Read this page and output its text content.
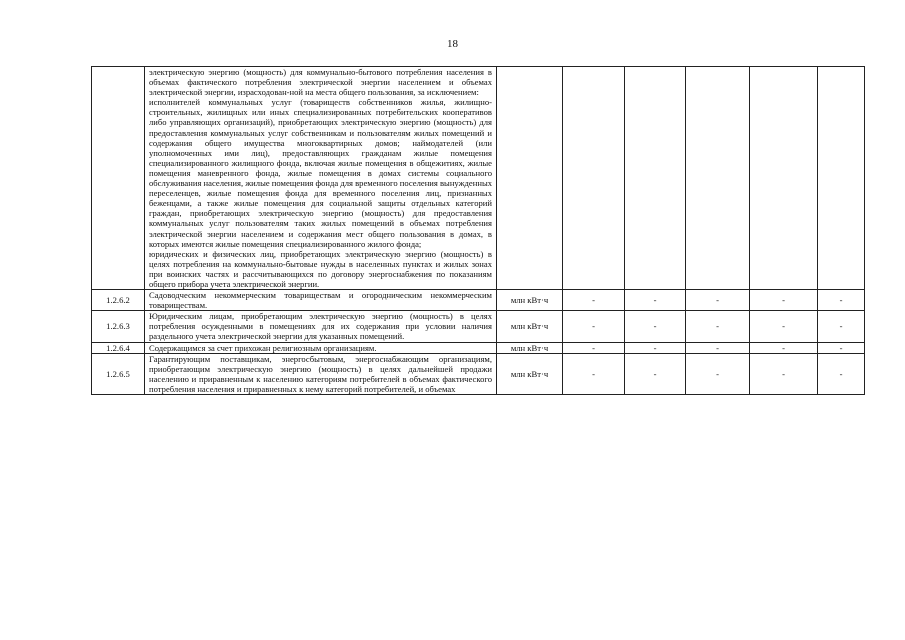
18

	электрическую энергию (мощность) для коммунально-бытового потребления населения в объемах фактического потребления электрической энергии населением и объемах электрической энергии, израсходован-ной на места общего пользования, за исключением:

исполнителей коммунальных услуг (товариществ собственников жилья, жилищно-строительных, жилищных или иных специализированных потребительских кооперативов либо управляющих организаций), приобретающих электрическую энергию (мощность) для предоставления коммунальных услуг собственникам и пользователям жилых помещений и содержания общего имущества многоквартирных домов; наймодателей (или уполномоченных ими лиц), предоставляющих гражданам жилые помещения специализированного жилищного фонда, включая жилые помещения в общежитиях, жилые помещения маневренного фонда, жилые помещения в домах системы социального обслуживания населения, жилые помещения фонда для временного поселения вынужденных переселенцев, жилые помещения фонда для временного поселения лиц, признанных беженцами, а также жилые помещения для социальной защиты отдельных категорий граждан, приобретающих электрическую энергию (мощность) для предоставления коммунальных услуг пользователям таких жилых помещений в объемах потребления электрической энергии населением и содержания мест общего пользования в домах, в которых имеются жилые помещения специализированного жилого фонда;

юридических и физических лиц, приобретающих электрическую энергию (мощность) в целях потребления на коммунально-бытовые нужды в населенных пунктах и жилых зонах при воинских частях и рассчитывающихся по договору энергоснабжения по показаниям общего прибора учета электрической энергии.						

1.2.6.2	Садоводческим некоммерческим товариществам и огородническим некоммерческим товариществам.	млн кВт·ч	-	-	-	-	-
1.2.6.3	Юридическим лицам, приобретающим электрическую энергию (мощность) в целях потребления осужденными в помещениях для их содержания при условии наличия раздельного учета электрической энергии для указанных помещений.	млн кВт·ч	-	-	-	-	-
1.2.6.4	Содержащимся за счет прихожан религиозным организациям.	млн кВт·ч	-	-	-	-	-
1.2.6.5	Гарантирующим поставщикам, энергосбытовым, энергоснабжающим организациям, приобретающим электрическую энергию (мощность) в целях дальнейшей продажи населению и приравненным к населению категориям потребителей в объемах фактического потребления населения и приравненных к нему категорий потребителей, и объемах	млн кВт·ч	-	-	-	-	-
